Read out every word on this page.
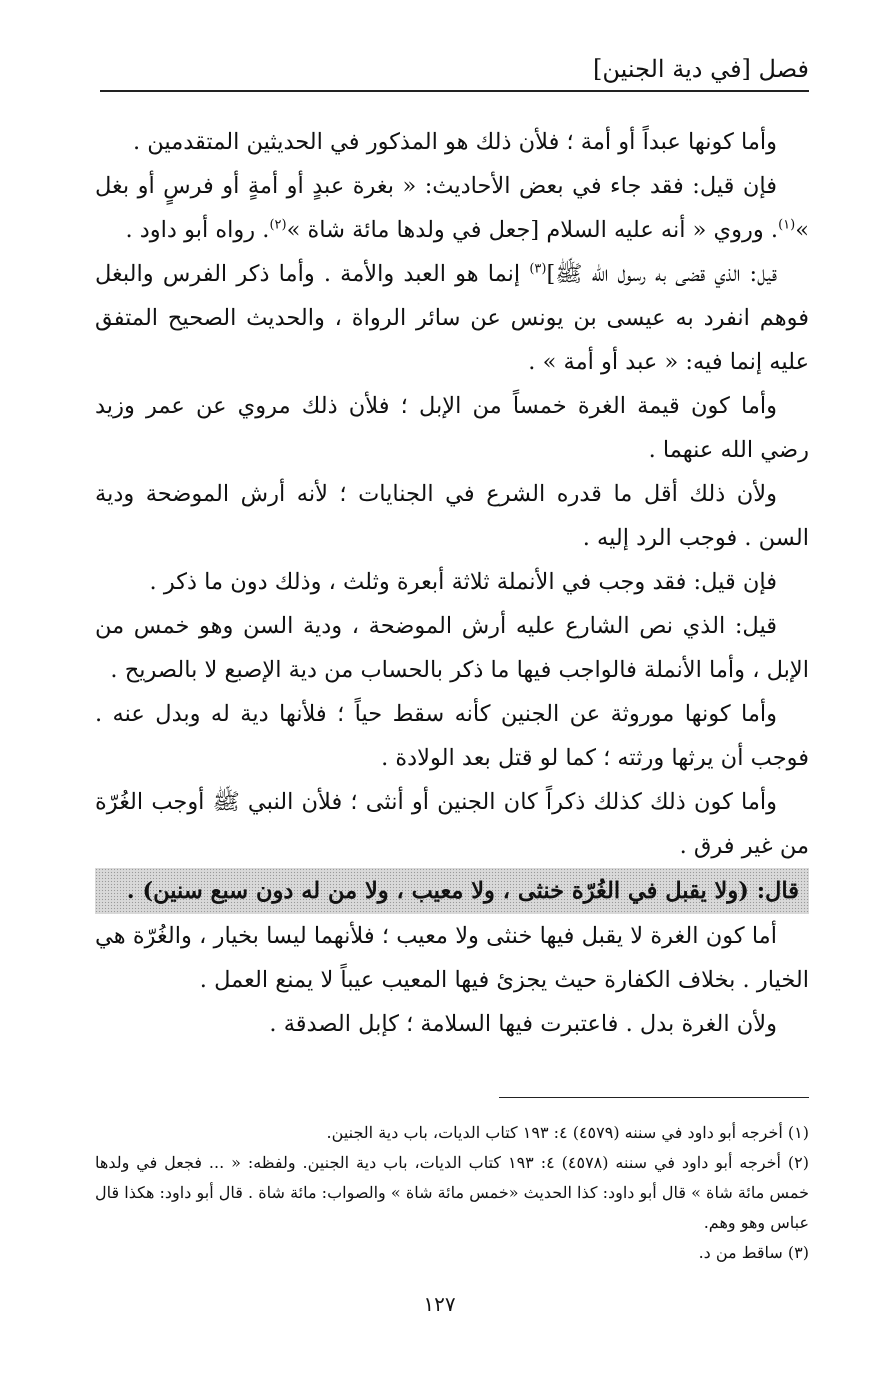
فصل [في دية الجنين]

وأما كونها عبداً أو أمة ؛ فلأن ذلك هو المذكور في الحديثين المتقدمين .

فإن قيل: فقد جاء في بعض الأحاديث: « بغرة عبدٍ أو أمةٍ أو فرسٍ أو بغل »$^{(١)}$. وروي « أنه عليه السلام [جعل في ولدها مائة شاة »$^{(٢)}$. رواه أبو داود .

قيل: الذي قضى به رسول الله ﷺ]$^{(٣)}$ إنما هو العبد والأمة . وأما ذكر الفرس والبغل فوهم انفرد به عيسى بن يونس عن سائر الرواة ، والحديث الصحيح المتفق عليه إنما فيه: « عبد أو أمة » .

وأما كون قيمة الغرة خمساً من الإبل ؛ فلأن ذلك مروي عن عمر وزيد رضي الله عنهما .

ولأن ذلك أقل ما قدره الشرع في الجنايات ؛ لأنه أرش الموضحة ودية السن . فوجب الرد إليه .

فإن قيل: فقد وجب في الأنملة ثلاثة أبعرة وثلث ، وذلك دون ما ذكر .

قيل: الذي نص الشارع عليه أرش الموضحة ، ودية السن وهو خمس من الإبل ، وأما الأنملة فالواجب فيها ما ذكر بالحساب من دية الإصبع لا بالصريح .

وأما كونها موروثة عن الجنين كأنه سقط حياً ؛ فلأنها دية له وبدل عنه . فوجب أن يرثها ورثته ؛ كما لو قتل بعد الولادة .

وأما كون ذلك كذلك ذكراً كان الجنين أو أنثى ؛ فلأن النبي ﷺ أوجب الغُرّة من غير فرق .

قال: (ولا يقبل في الغُرّة خنثى ، ولا معيب ، ولا من له دون سبع سنين) .

أما كون الغرة لا يقبل فيها خنثى ولا معيب ؛ فلأنهما ليسا بخيار ، والغُرّة هي الخيار . بخلاف الكفارة حيث يجزئ فيها المعيب عيباً لا يمنع العمل .

ولأن الغرة بدل . فاعتبرت فيها السلامة ؛ كإبل الصدقة .

(١) أخرجه أبو داود في سننه (٤٥٧٩) ٤: ١٩٣ كتاب الديات، باب دية الجنين.

(٢) أخرجه أبو داود في سننه (٤٥٧٨) ٤: ١٩٣ كتاب الديات، باب دية الجنين. ولفظه: « ... فجعل في ولدها خمس مائة شاة » قال أبو داود: كذا الحديث «خمس مائة شاة » والصواب: مائة شاة . قال أبو داود: هكذا قال عباس وهو وهم.

(٣) ساقط من د.

١٢٧
